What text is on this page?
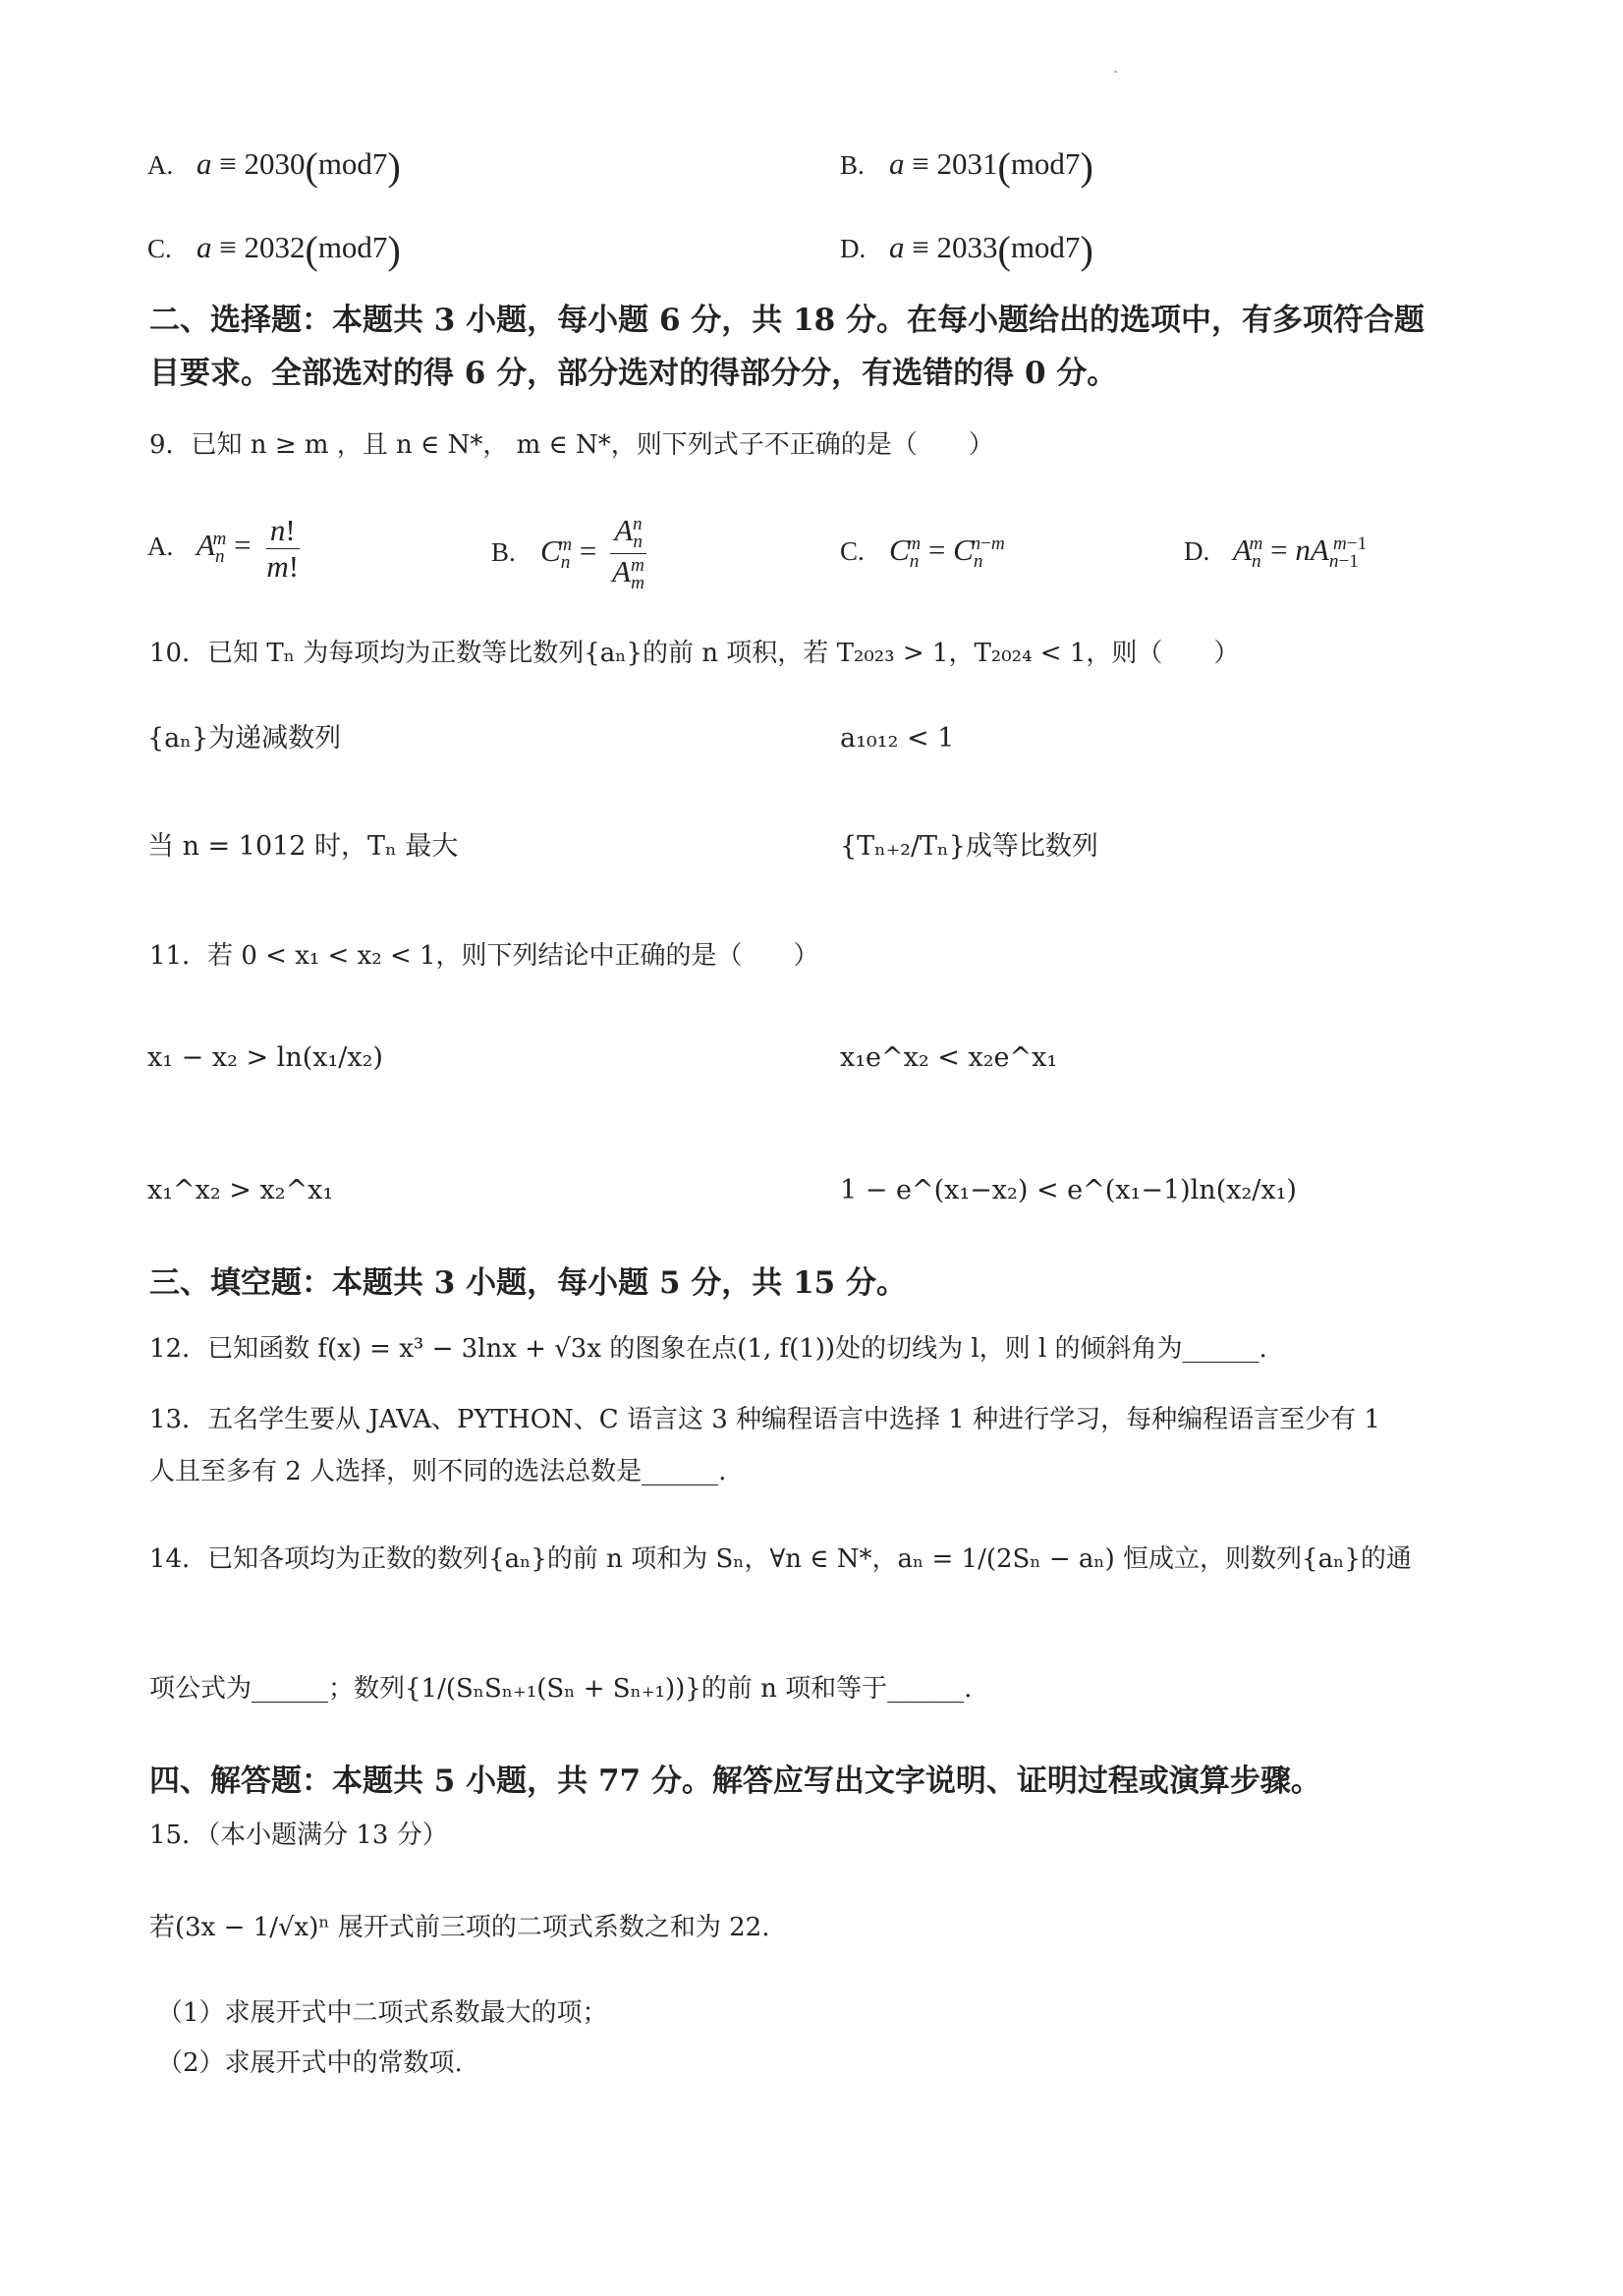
A. a ≡ 2030(mod7)	B. a ≡ 2031(mod7)
C. a ≡ 2032(mod7)	D. a ≡ 2033(mod7)
二、选择题：本题共 3 小题，每小题 6 分，共 18 分。在每小题给出的选项中，有多项符合题
目要求。全部选对的得 6 分，部分选对的得部分分，有选错的得 0 分。
9．已知 n ≥ m ，且 n ∈ N*， m ∈ N*，则下列式子不正确的是（　　）
A. $A_n^m = \frac{n!}{m!}$	B. $C_n^m = \frac{A_n^n}{A_m^m}$	C. $C_n^m = C_n^{n-m}$	D. $A_n^m = nA_{n-1}^{m-1}$
10．已知 Tₙ 为每项均为正数等比数列{aₙ}的前 n 项积，若 T₂₀₂₃ > 1，T₂₀₂₄ < 1，则（　　）
{aₙ}为递减数列	a₁₀₁₂ < 1
当 n = 1012 时，Tₙ 最大	{Tₙ₊₂/Tₙ}成等比数列
11．若 0 < x₁ < x₂ < 1，则下列结论中正确的是（　　）
x₁ − x₂ > ln(x₁/x₂)	x₁e^x₂ < x₂e^x₁
x₁^x₂ > x₂^x₁	1 − e^(x₁−x₂) < e^(x₁−1)ln(x₂/x₁)
三、填空题：本题共 3 小题，每小题 5 分，共 15 分。
12．已知函数 f(x) = x³ − 3lnx + √3x 的图象在点(1, f(1))处的切线为 l，则 l 的倾斜角为______.
13．五名学生要从 JAVA、PYTHON、C 语言这 3 种编程语言中选择 1 种进行学习，每种编程语言至少有 1
人且至多有 2 人选择，则不同的选法总数是______.
14．已知各项均为正数的数列{aₙ}的前 n 项和为 Sₙ，∀n ∈ N*，aₙ = 1/(2Sₙ − aₙ) 恒成立，则数列{aₙ}的通
项公式为______；数列{1/(SₙSₙ₊₁(Sₙ + Sₙ₊₁))}的前 n 项和等于______.
四、解答题：本题共 5 小题，共 77 分。解答应写出文字说明、证明过程或演算步骤。
15．（本小题满分 13 分）
若(3x − 1/√x)ⁿ 展开式前三项的二项式系数之和为 22.
（1）求展开式中二项式系数最大的项；
（2）求展开式中的常数项.
